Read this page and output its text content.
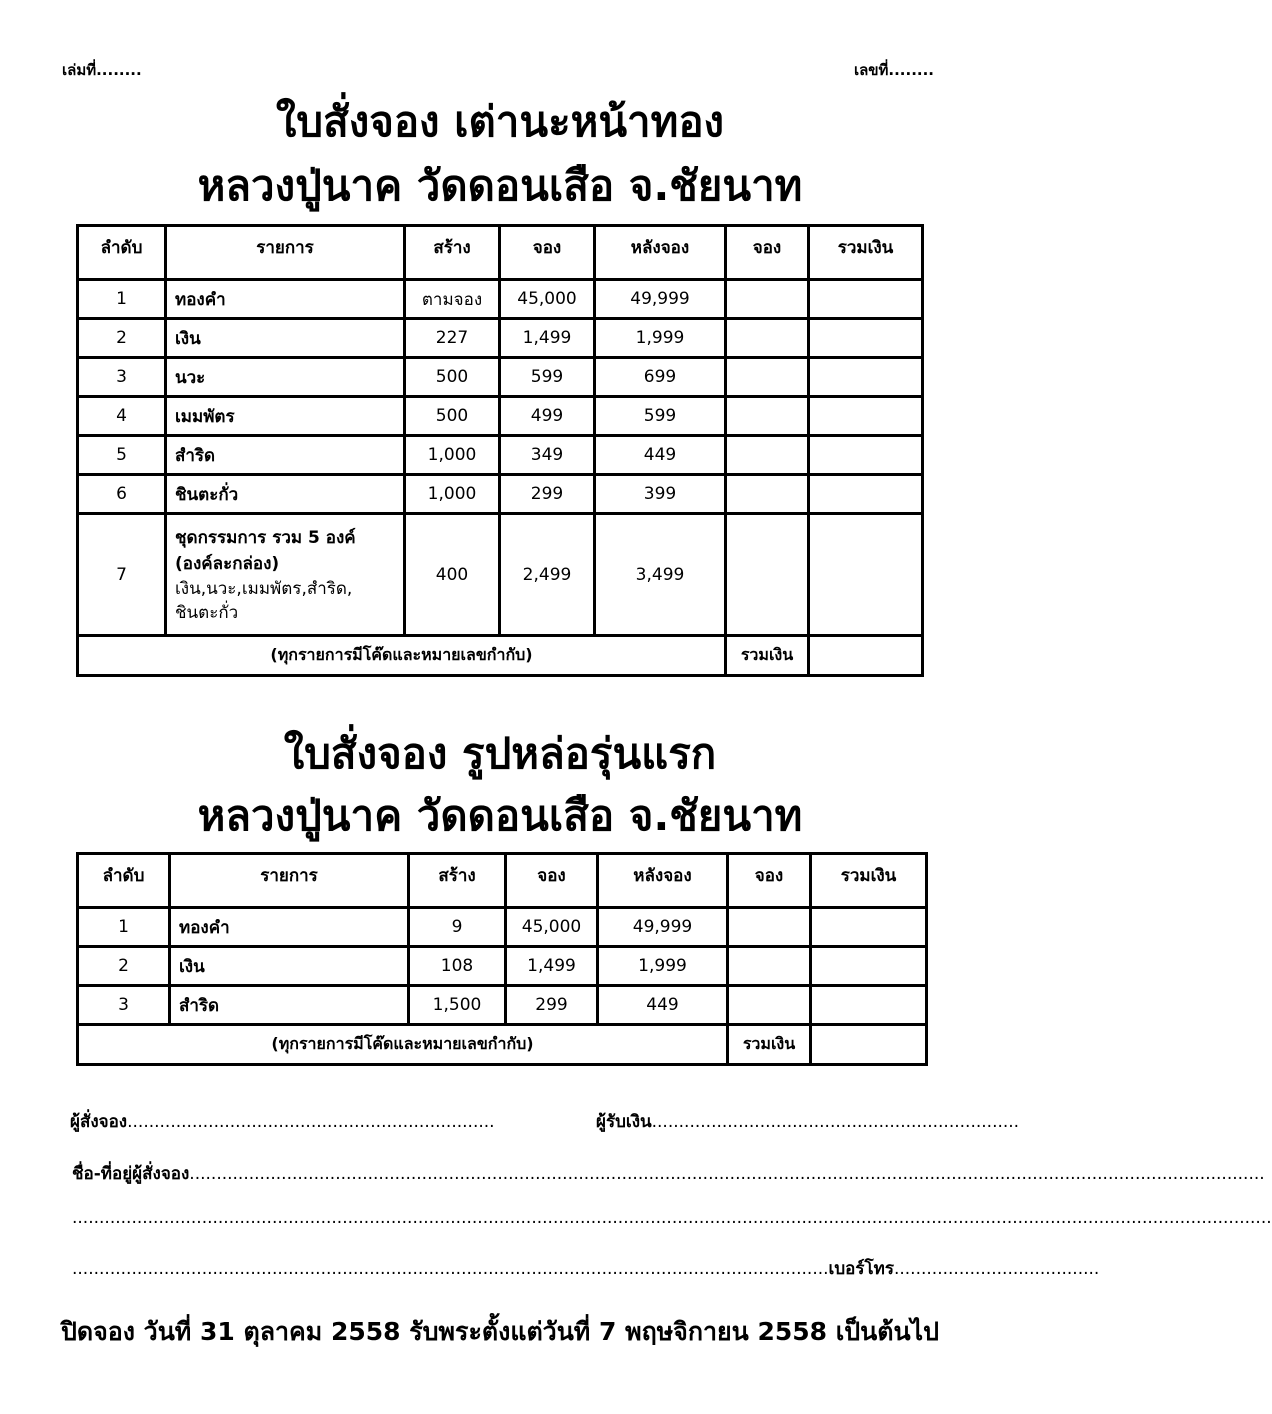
เล่มที่........	เลขที่........
ใบสั่งจอง เต่านะหน้าทอง
หลวงปู่นาค วัดดอนเสือ จ.ชัยนาท
ลำดับ	รายการ	สร้าง	จอง	หลังจอง	จอง	รวมเงิน
1	ทองคำ	ตามจอง	45,000	49,999		
2	เงิน	227	1,499	1,999		
3	นวะ	500	599	699		
4	เมมพัตร	500	499	599		
5	สำริด	1,000	349	449		
6	ชินตะกั่ว	1,000	299	399		
7	ชุดกรรมการ รวม 5 องค์
(องค์ละกล่อง)
เงิน,นวะ,เมมพัตร,สำริด,
ชินตะกั่ว	400	2,499	3,499		
(ทุกรายการมีโค๊ดและหมายเลขกำกับ)					รวมเงิน	
ใบสั่งจอง รูปหล่อรุ่นแรก
หลวงปู่นาค วัดดอนเสือ จ.ชัยนาท
ลำดับ	รายการ	สร้าง	จอง	หลังจอง	จอง	รวมเงิน
1	ทองคำ	9	45,000	49,999		
2	เงิน	108	1,499	1,999		
3	สำริด	1,500	299	449		
(ทุกรายการมีโค๊ดและหมายเลขกำกับ)					รวมเงิน	
ผู้สั่งจอง....................................................................	ผู้รับเงิน....................................................................
ชื่อ-ที่อยู่ผู้สั่งจอง.......................................................................................................................................................................................................
..............................................................................................................................................................................................................................
............................................................................................................................................เบอร์โทร......................................
ปิดจอง วันที่ 31 ตุลาคม 2558 รับพระตั้งแต่วันที่ 7 พฤษจิกายน 2558 เป็นต้นไป
